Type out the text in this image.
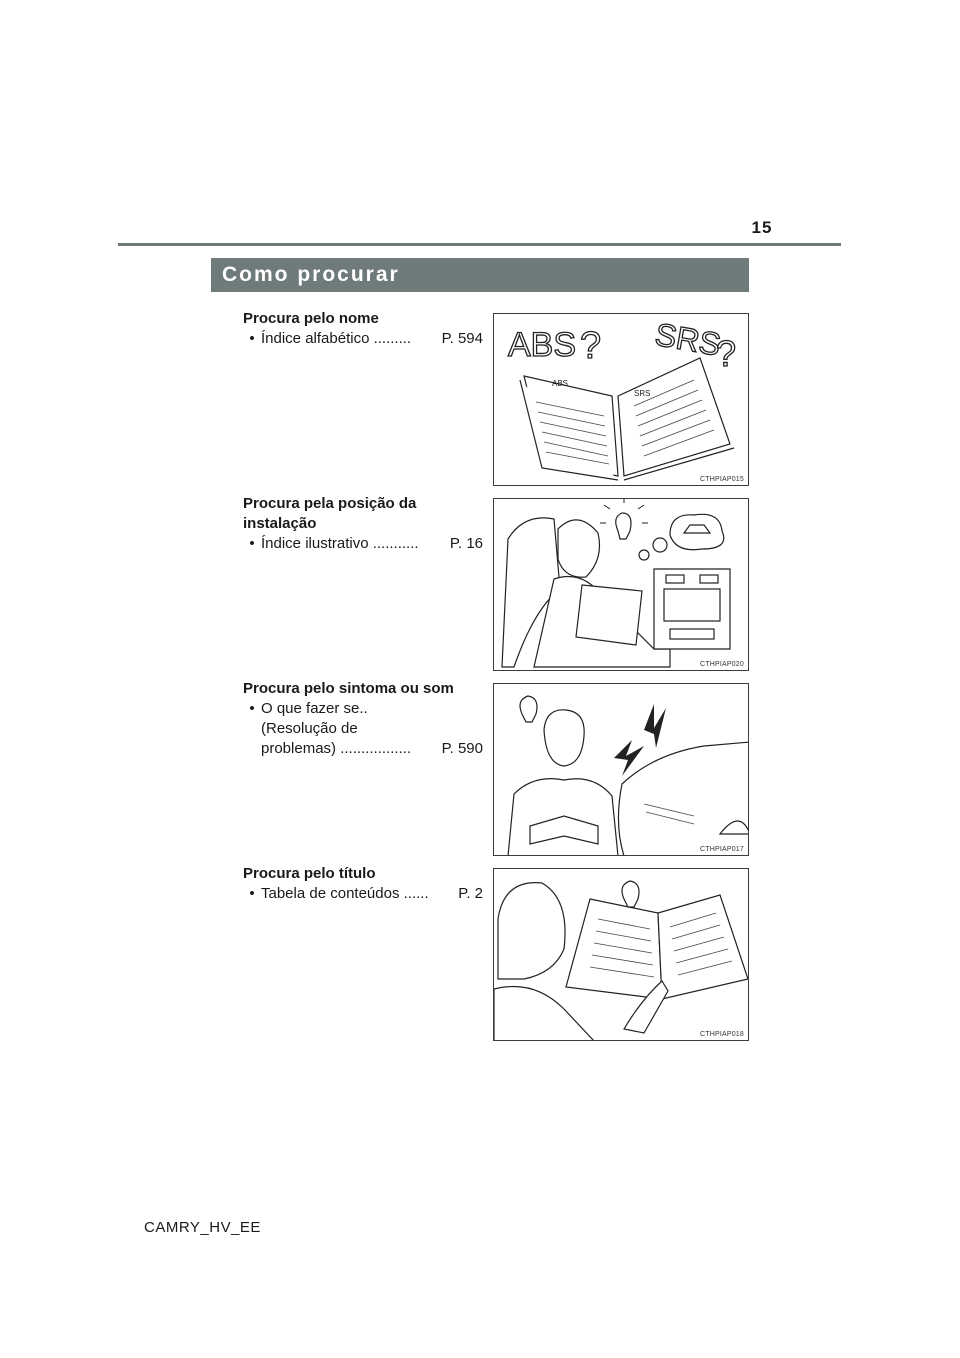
15
Como procurar
Procura pelo nome
• Índice alfabético .........	P. 594 ABS ? SRS
?
ABS
SRS
CTHPIAP015
Procura pela posição da
instalação
• Índice ilustrativo ...........	P. 16
CTHPIAP020
Procura pelo sintoma ou som
• O que fazer se..
(Resolução de
problemas) .................	P. 590
CTHPIAP017
Procura pelo título
• Tabela de conteúdos ......	P. 2
CTHPIAP018
CAMRY_HV_EE
